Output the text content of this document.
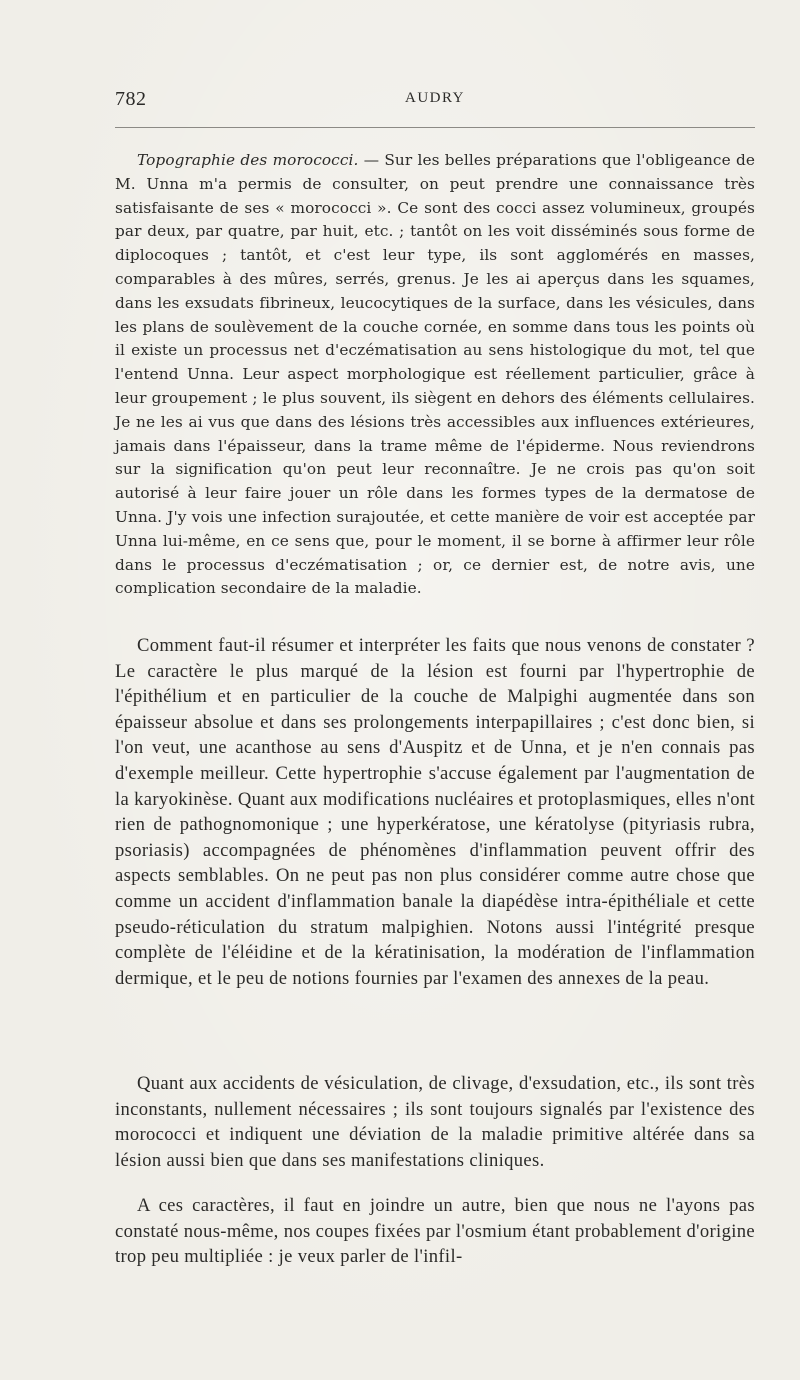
782	AUDRY

Topographie des morococci. — Sur les belles préparations que l'obligeance de M. Unna m'a permis de consulter, on peut prendre une connaissance très satisfaisante de ses « morococci ». Ce sont des cocci assez volumineux, groupés par deux, par quatre, par huit, etc. ; tantôt on les voit disséminés sous forme de diplocoques ; tantôt, et c'est leur type, ils sont agglomérés en masses, comparables à des mûres, serrés, grenus. Je les ai aperçus dans les squames, dans les exsudats fibrineux, leucocytiques de la surface, dans les vésicules, dans les plans de soulèvement de la couche cornée, en somme dans tous les points où il existe un processus net d'eczématisation au sens histologique du mot, tel que l'entend Unna. Leur aspect morphologique est réellement particulier, grâce à leur groupement ; le plus souvent, ils siègent en dehors des éléments cellulaires. Je ne les ai vus que dans des lésions très accessibles aux influences extérieures, jamais dans l'épaisseur, dans la trame même de l'épiderme. Nous reviendrons sur la signification qu'on peut leur reconnaître. Je ne crois pas qu'on soit autorisé à leur faire jouer un rôle dans les formes types de la dermatose de Unna. J'y vois une infection surajoutée, et cette manière de voir est acceptée par Unna lui-même, en ce sens que, pour le moment, il se borne à affirmer leur rôle dans le processus d'eczématisation ; or, ce dernier est, de notre avis, une complication secondaire de la maladie.

Comment faut-il résumer et interpréter les faits que nous venons de constater ? Le caractère le plus marqué de la lésion est fourni par l'hypertrophie de l'épithélium et en particulier de la couche de Malpighi augmentée dans son épaisseur absolue et dans ses prolongements interpapillaires ; c'est donc bien, si l'on veut, une acanthose au sens d'Auspitz et de Unna, et je n'en connais pas d'exemple meilleur. Cette hypertrophie s'accuse également par l'augmentation de la karyokinèse. Quant aux modifications nucléaires et protoplasmiques, elles n'ont rien de pathognomonique ; une hyperkératose, une kératolyse (pityriasis rubra, psoriasis) accompagnées de phénomènes d'inflammation peuvent offrir des aspects semblables. On ne peut pas non plus considérer comme autre chose que comme un accident d'inflammation banale la diapédèse intra-épithéliale et cette pseudo-réticulation du stratum malpighien. Notons aussi l'intégrité presque complète de l'éléidine et de la kératinisation, la modération de l'inflammation dermique, et le peu de notions fournies par l'examen des annexes de la peau.

Quant aux accidents de vésiculation, de clivage, d'exsudation, etc., ils sont très inconstants, nullement nécessaires ; ils sont toujours signalés par l'existence des morococci et indiquent une déviation de la maladie primitive altérée dans sa lésion aussi bien que dans ses manifestations cliniques.

A ces caractères, il faut en joindre un autre, bien que nous ne l'ayons pas constaté nous-même, nos coupes fixées par l'osmium étant probablement d'origine trop peu multipliée : je veux parler de l'infil-
